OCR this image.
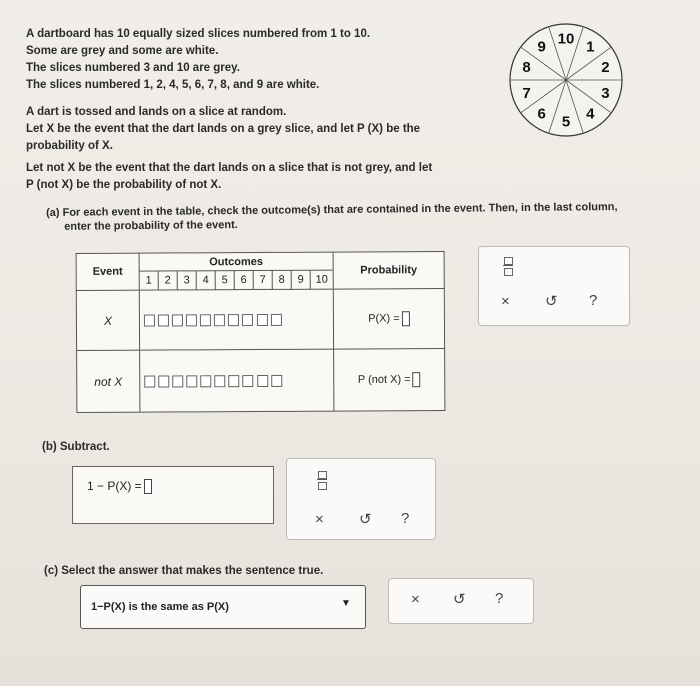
A dartboard has 10 equally sized slices numbered from 1 to 10.

Some are grey and some are white.

The slices numbered 3 and 10 are grey.

The slices numbered 1, 2, 4, 5, 6, 7, 8, and 9 are white.

A dart is tossed and lands on a slice at random.

Let X be the event that the dart lands on a grey slice, and let P (X) be the

probability of X.

Let not X be the event that the dart lands on a slice that is not grey, and let

P (not X) be the probability of not X.

(a) For each event in the table, check the outcome(s) that are contained in the event. Then, in the last column,

enter the probability of the event.

10 1
2
3
4
5
6
7
8
9
Event	Outcomes										Probability
	1	2	3	4	5	6	7	8	9	10	
X											P(X) =
not X											P (not X) =
× ↺ ?
(b) Subtract.
1 − P(X) =
× ↺ ?
(c) Select the answer that makes the sentence true.
1−P(X) is the same as P(X)	▼	× ↺ ?
